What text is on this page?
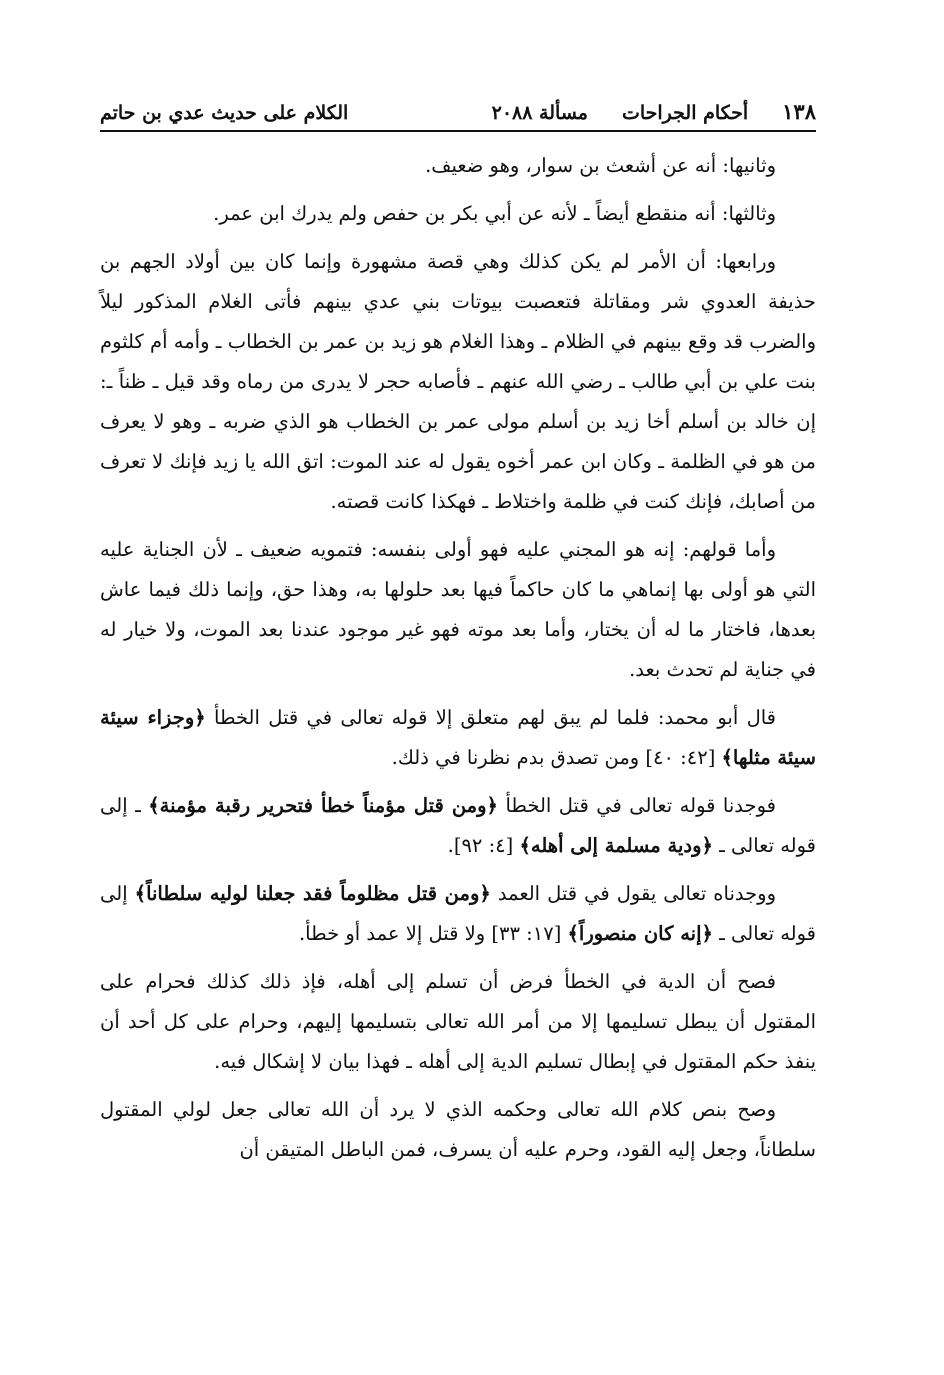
١٣٨
أحكام الجراحات
مسألة ٢٠٨٨
الكلام على حديث عدي بن حاتم

وثانيها: أنه عن أشعث بن سوار، وهو ضعيف.

وثالثها: أنه منقطع أيضاً ـ لأنه عن أبي بكر بن حفص ولم يدرك ابن عمر.

ورابعها: أن الأمر لم يكن كذلك وهي قصة مشهورة وإنما كان بين أولاد الجهم بن حذيفة العدوي شر ومقاتلة فتعصبت بيوتات بني عدي بينهم فأتى الغلام المذكور ليلاً والضرب قد وقع بينهم في الظلام ـ وهذا الغلام هو زيد بن عمر بن الخطاب ـ وأمه أم كلثوم بنت علي بن أبي طالب ـ رضي الله عنهم ـ فأصابه حجر لا يدرى من رماه وقد قيل ـ ظناً ـ: إن خالد بن أسلم أخا زيد بن أسلم مولى عمر بن الخطاب هو الذي ضربه ـ وهو لا يعرف من هو في الظلمة ـ وكان ابن عمر أخوه يقول له عند الموت: اتق الله يا زيد فإنك لا تعرف من أصابك، فإنك كنت في ظلمة واختلاط ـ فهكذا كانت قصته.

وأما قولهم: إنه هو المجني عليه فهو أولى بنفسه: فتمويه ضعيف ـ لأن الجناية عليه التي هو أولى بها إنماهي ما كان حاكماً فيها بعد حلولها به، وهذا حق، وإنما ذلك فيما عاش بعدها، فاختار ما له أن يختار، وأما بعد موته فهو غير موجود عندنا بعد الموت، ولا خيار له في جناية لم تحدث بعد.

قال أبو محمد: فلما لم يبق لهم متعلق إلا قوله تعالى في قتل الخطأ ﴿وجزاء سيئة سيئة مثلها﴾ [٤٢: ٤٠] ومن تصدق بدم نظرنا في ذلك.

فوجدنا قوله تعالى في قتل الخطأ ﴿ومن قتل مؤمناً خطأ فتحرير رقبة مؤمنة﴾ ـ إلى قوله تعالى ـ ﴿ودية مسلمة إلى أهله﴾ [٤: ٩٢].

ووجدناه تعالى يقول في قتل العمد ﴿ومن قتل مظلوماً فقد جعلنا لوليه سلطاناً﴾ إلى قوله تعالى ـ ﴿إنه كان منصوراً﴾ [١٧: ٣٣] ولا قتل إلا عمد أو خطأ.

فصح أن الدية في الخطأ فرض أن تسلم إلى أهله، فإذ ذلك كذلك فحرام على المقتول أن يبطل تسليمها إلا من أمر الله تعالى بتسليمها إليهم، وحرام على كل أحد أن ينفذ حكم المقتول في إبطال تسليم الدية إلى أهله ـ فهذا بيان لا إشكال فيه.

وصح بنص كلام الله تعالى وحكمه الذي لا يرد أن الله تعالى جعل لولي المقتول سلطاناً، وجعل إليه القود، وحرم عليه أن يسرف، فمن الباطل المتيقن أن
